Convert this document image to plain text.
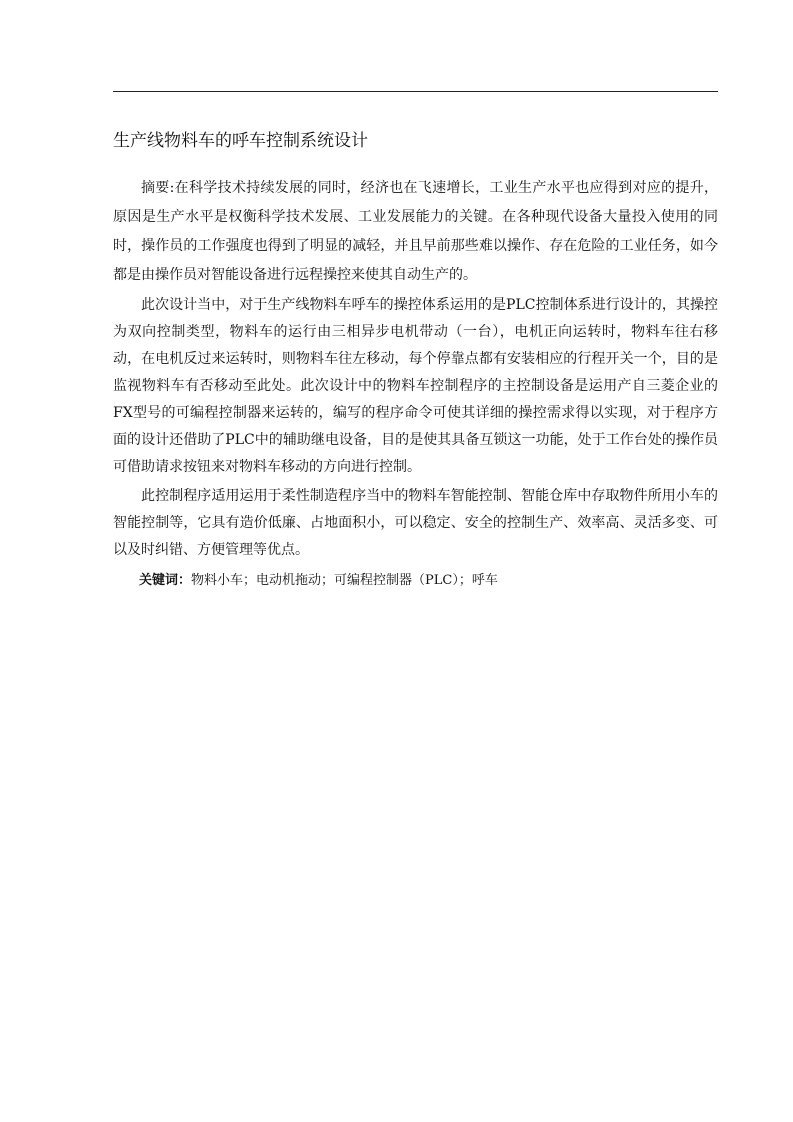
生产线物料车的呼车控制系统设计

摘要:在科学技术持续发展的同时，经济也在飞速增长，工业生产水平也应得到对应的提升，原因是生产水平是权衡科学技术发展、工业发展能力的关键。在各种现代设备大量投入使用的同时，操作员的工作强度也得到了明显的减轻，并且早前那些难以操作、存在危险的工业任务，如今都是由操作员对智能设备进行远程操控来使其自动生产的。

此次设计当中，对于生产线物料车呼车的操控体系运用的是PLC控制体系进行设计的，其操控为双向控制类型，物料车的运行由三相异步电机带动（一台），电机正向运转时，物料车往右移动，在电机反过来运转时，则物料车往左移动，每个停靠点都有安装相应的行程开关一个，目的是监视物料车有否移动至此处。此次设计中的物料车控制程序的主控制设备是运用产自三菱企业的FX型号的可编程控制器来运转的，编写的程序命令可使其详细的操控需求得以实现，对于程序方面的设计还借助了PLC中的辅助继电设备，目的是使其具备互锁这一功能，处于工作台处的操作员可借助请求按钮来对物料车移动的方向进行控制。

此控制程序适用运用于柔性制造程序当中的物料车智能控制、智能仓库中存取物件所用小车的智能控制等，它具有造价低廉、占地面积小，可以稳定、安全的控制生产、效率高、灵活多变、可以及时纠错、方便管理等优点。

关键词：物料小车；电动机拖动；可编程控制器（PLC）；呼车
